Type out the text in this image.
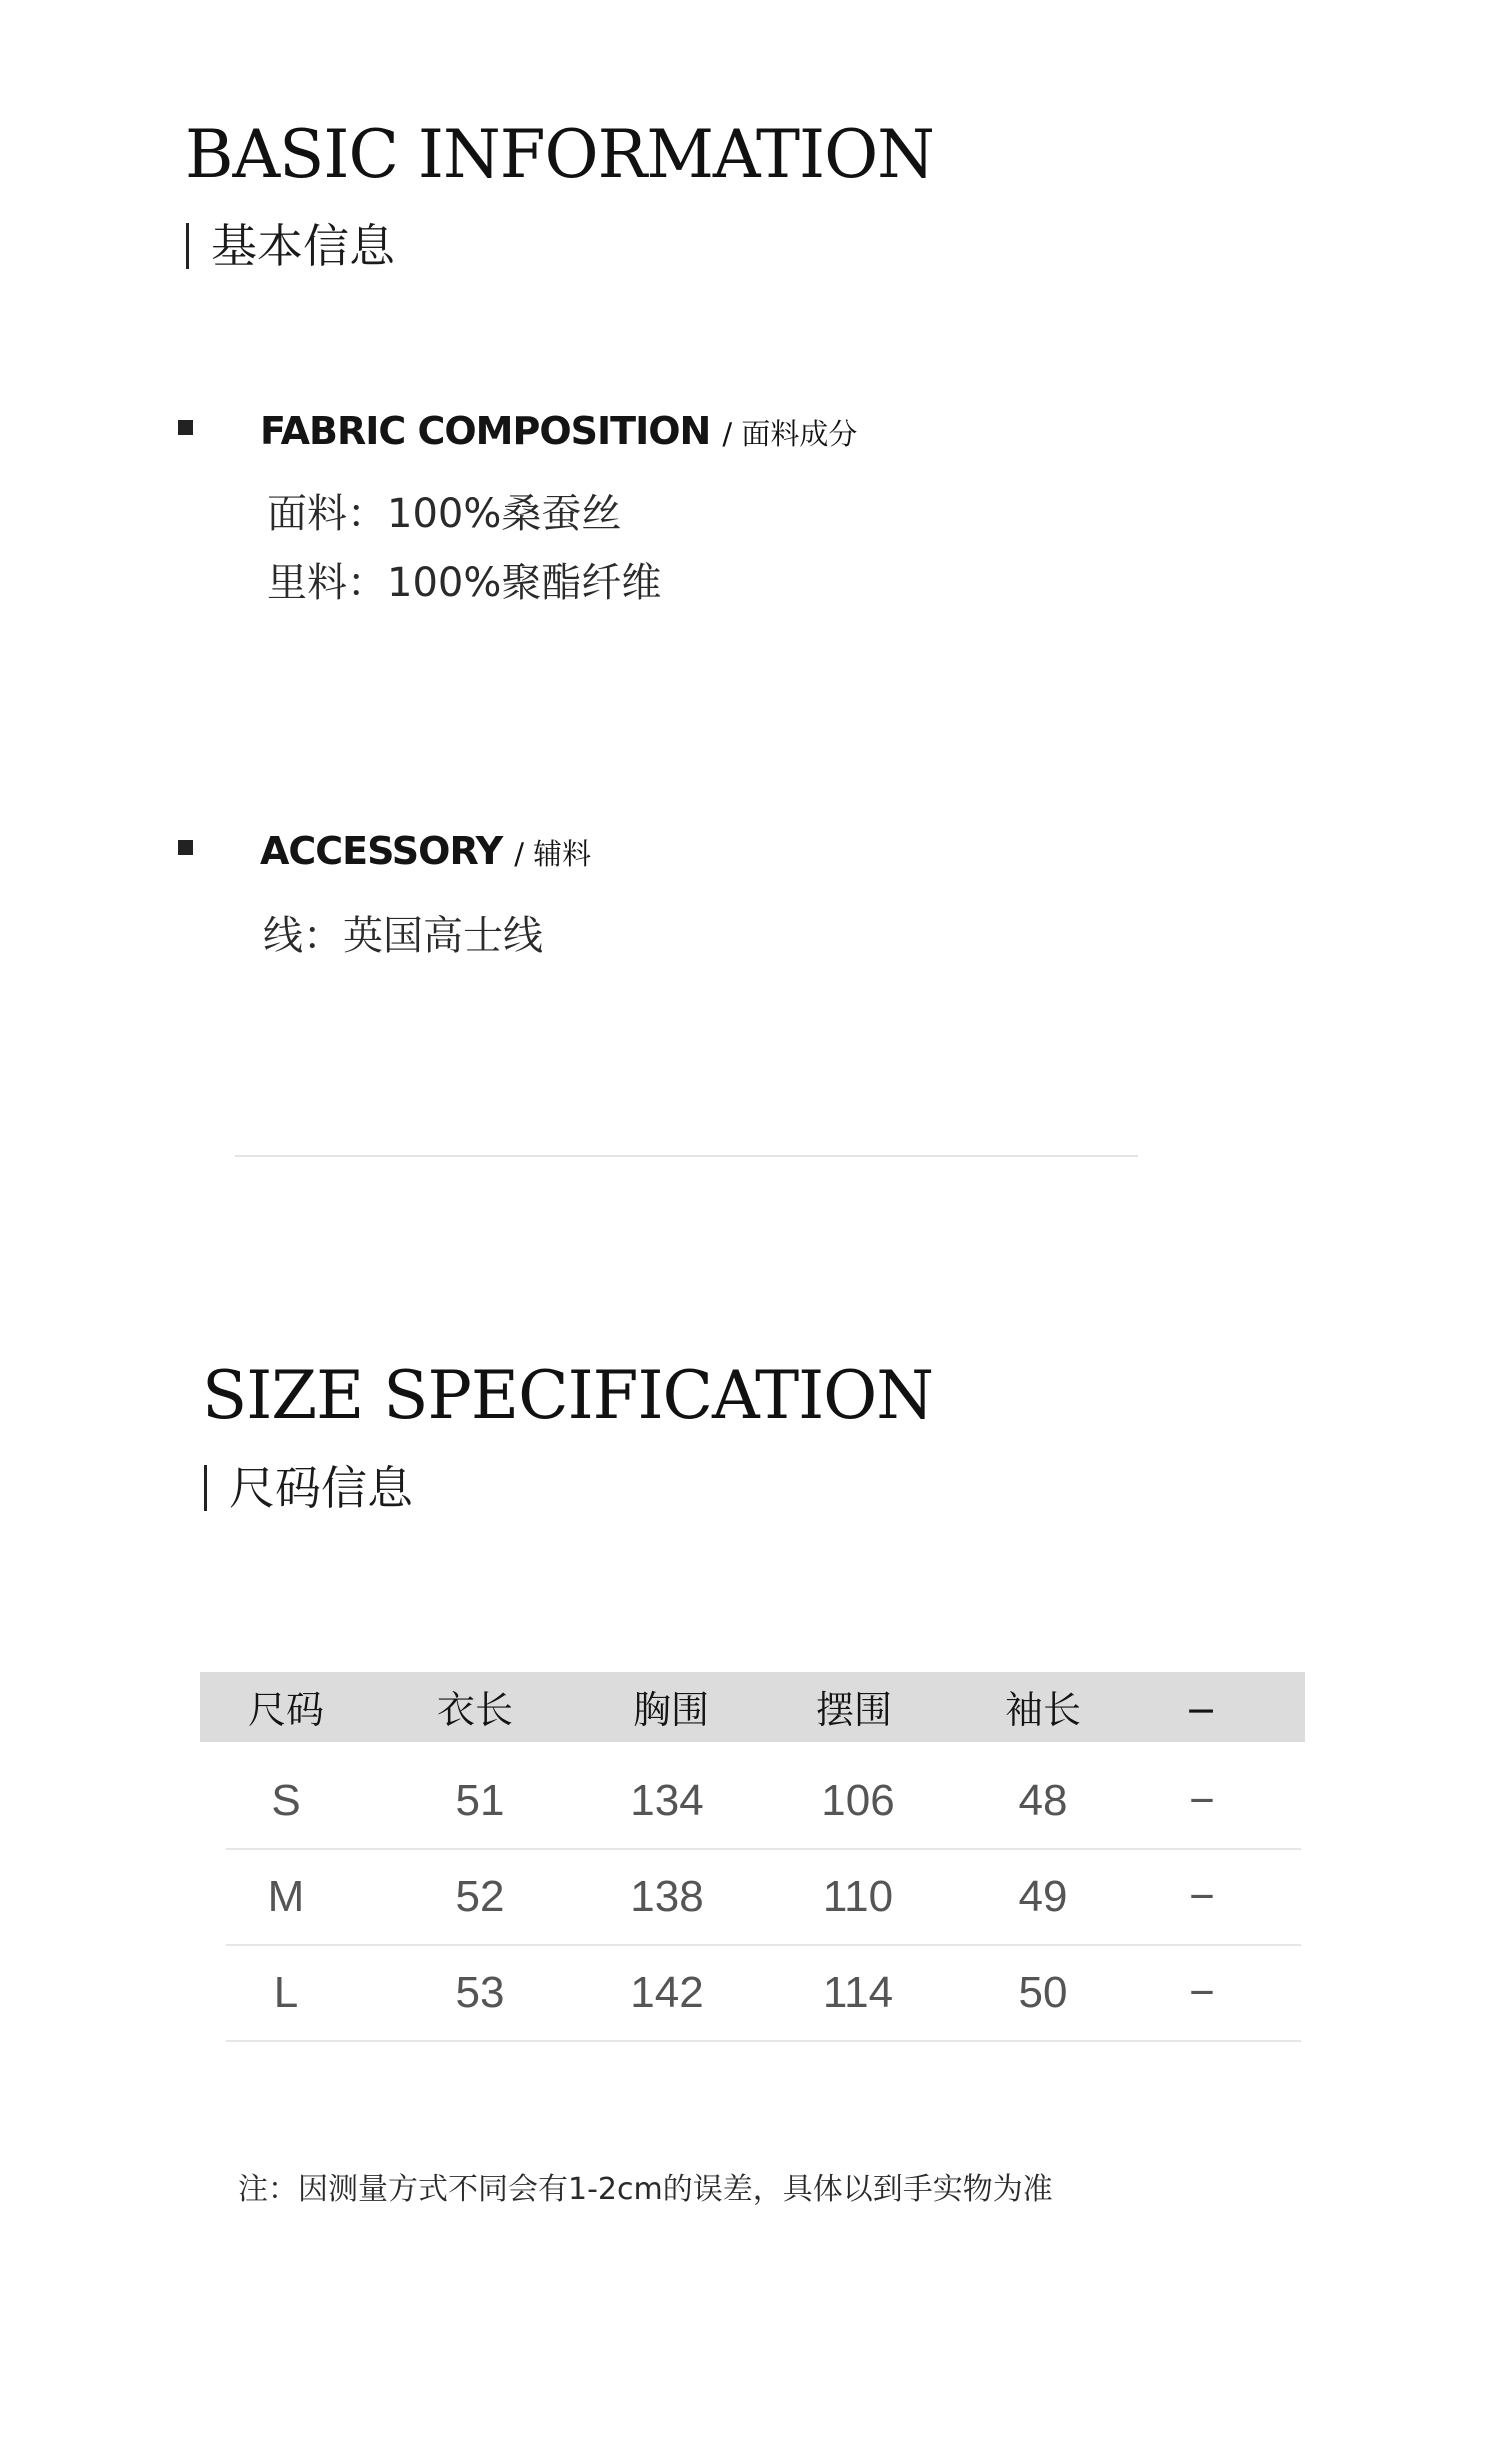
BASIC INFORMATION
基本信息
FABRIC COMPOSITION / 面料成分
面料：100%桑蚕丝
里料：100%聚酯纤维
ACCESSORY / 辅料
线：英国高士线
SIZE SPECIFICATION
尺码信息
尺码	衣长	胸围	摆围	袖长	−
S	51	134	106	48	−
M	52	138	110	49	−
L	53	142	114	50	−
注：因测量方式不同会有1-2cm的误差，具体以到手实物为准
